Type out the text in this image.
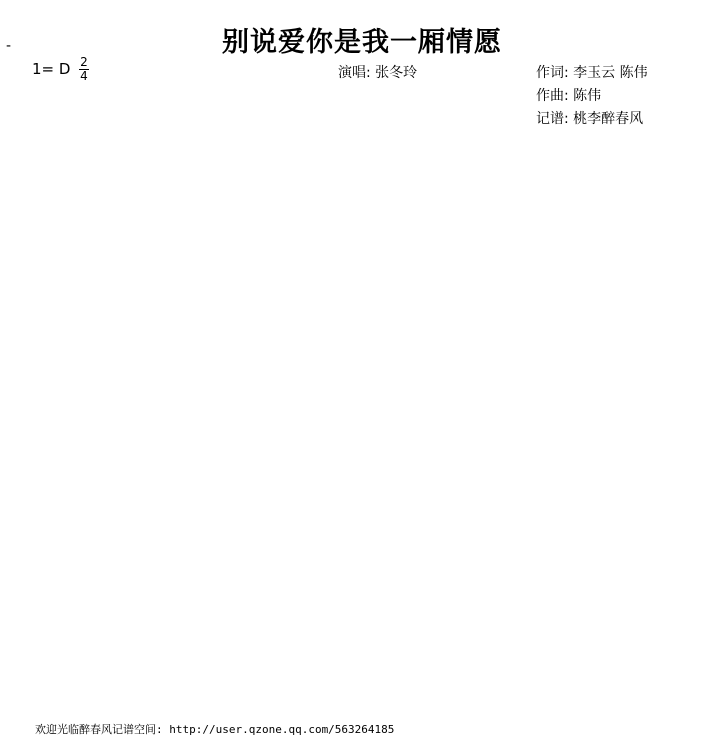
-	别说爱你是我一厢情愿
1= D 2
4	演唱: 张冬玲	作词: 李玉云 陈伟
作曲: 陈伟
记谱: 桃李醉春风
欢迎光临醉春风记谱空间: http://user.qzone.qq.com/563264185
